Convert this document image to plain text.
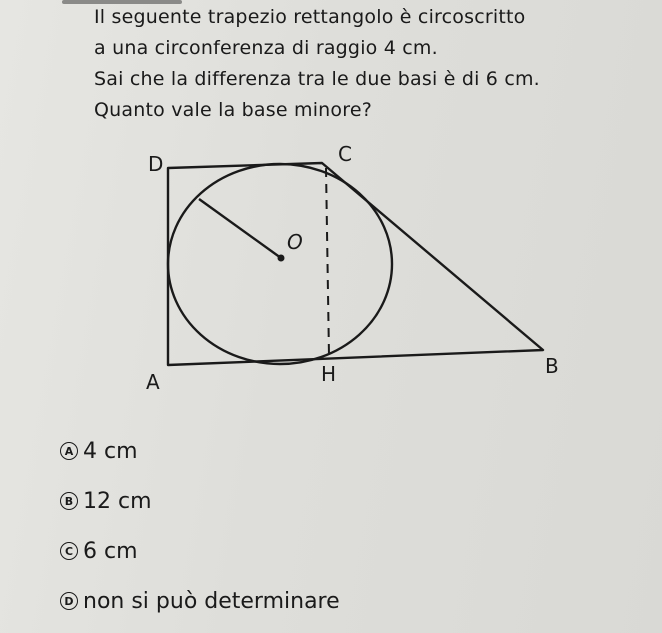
Il seguente trapezio rettangolo è circoscritto

a una circonferenza di raggio 4 cm.

Sai che la differenza tra le due basi è di 6 cm.

Quanto vale la base minore?

D	C
O
A	H	B
A 4 cm
B 12 cm
C 6 cm
D non si può determinare
